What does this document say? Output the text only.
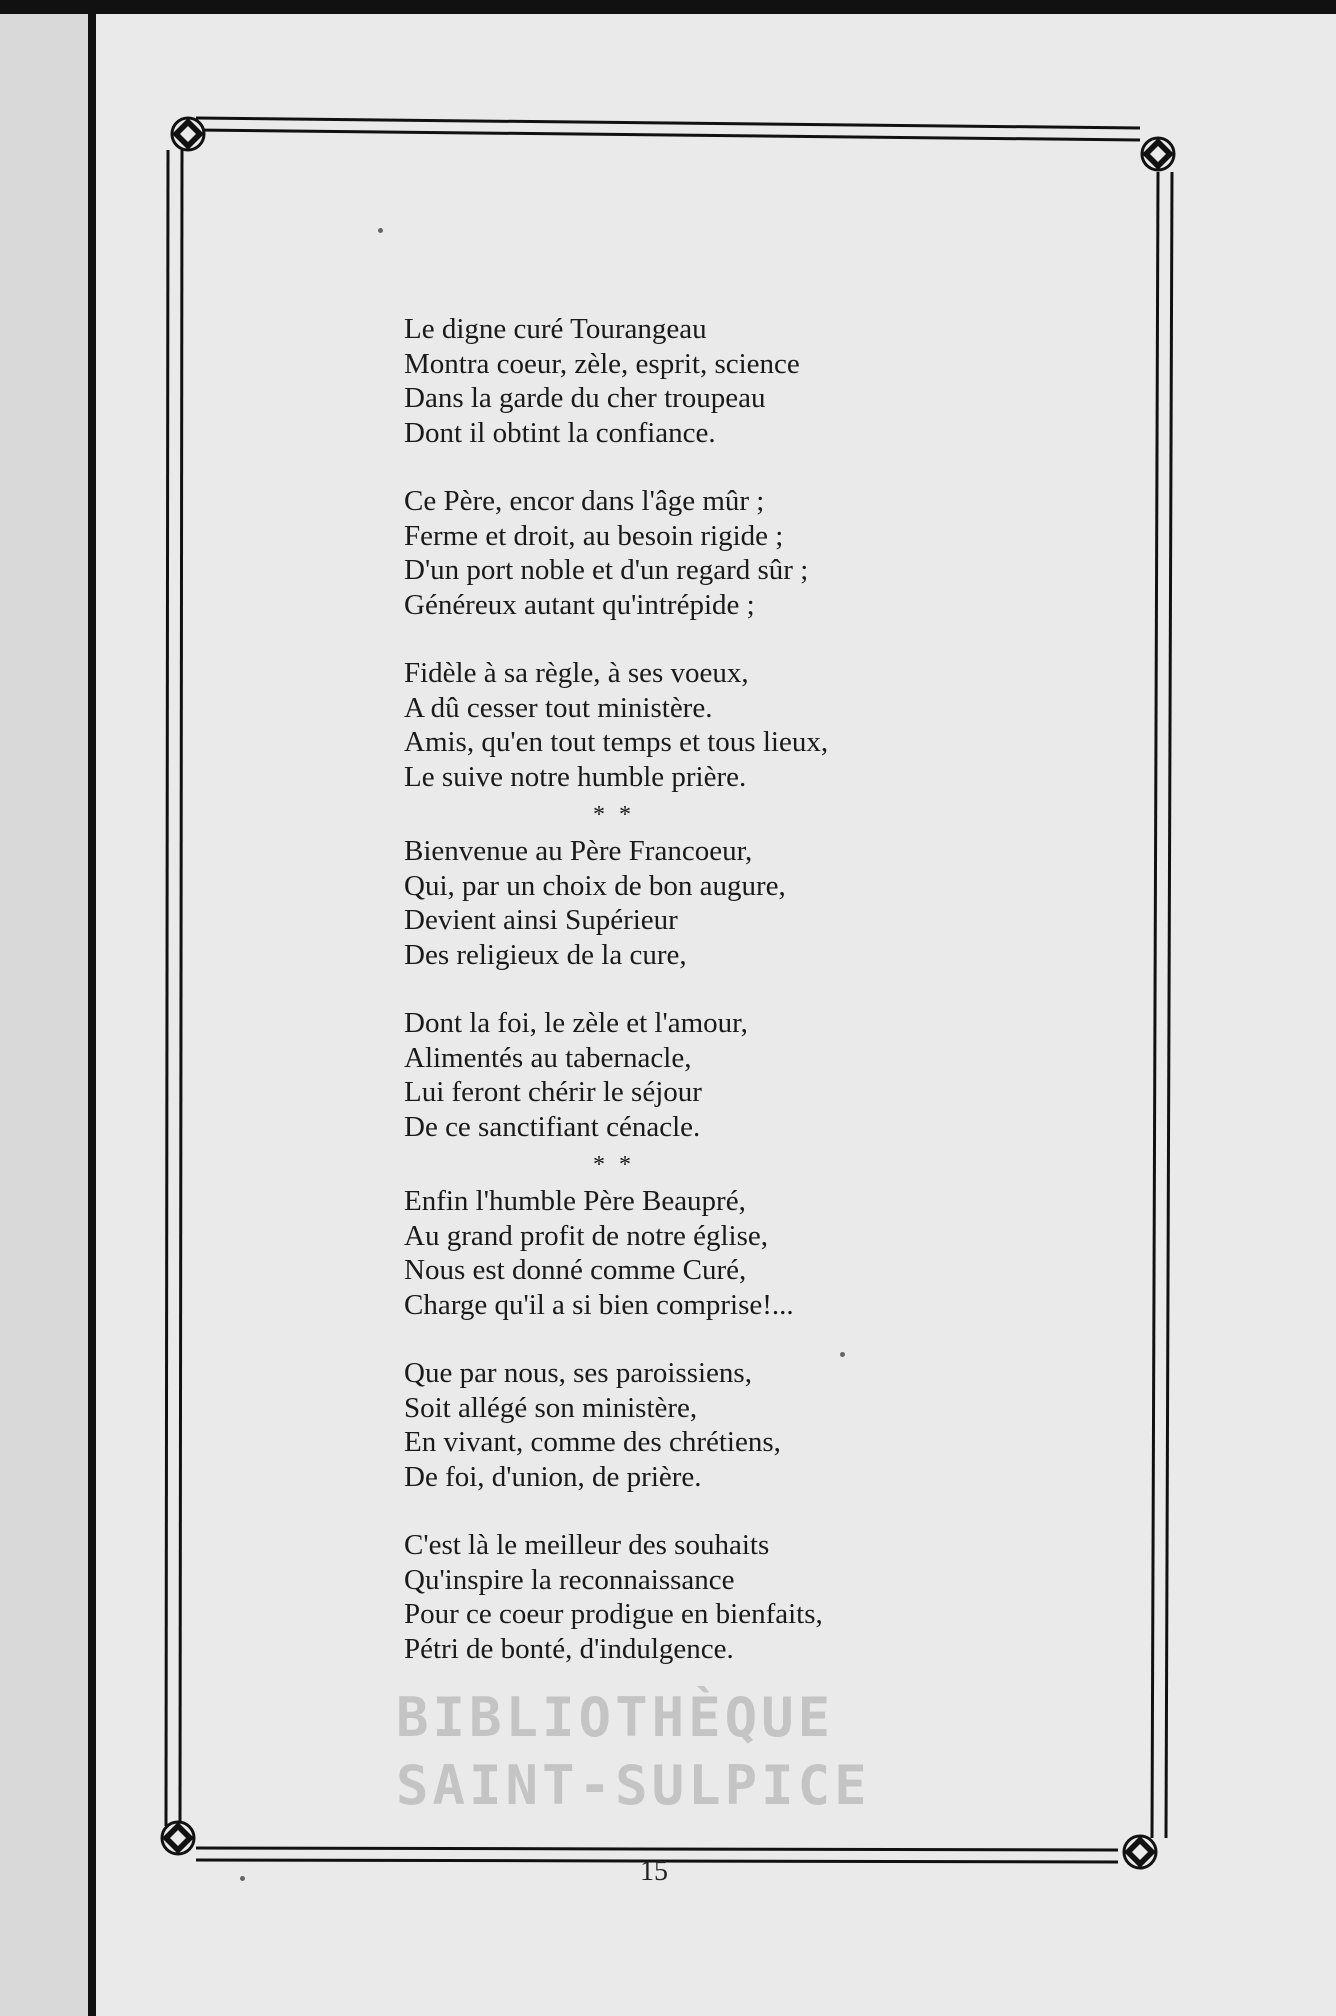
Le digne curé Tourangeau
Montra coeur, zèle, esprit, science
Dans la garde du cher troupeau
Dont il obtint la confiance.
Ce Père, encor dans l'âge mûr ;
Ferme et droit, au besoin rigide ;
D'un port noble et d'un regard sûr ;
Généreux autant qu'intrépide ;
Fidèle à sa règle, à ses voeux,
A dû cesser tout ministère.
Amis, qu'en tout temps et tous lieux,
Le suive notre humble prière.
* *
Bienvenue au Père Francoeur,
Qui, par un choix de bon augure,
Devient ainsi Supérieur
Des religieux de la cure,
Dont la foi, le zèle et l'amour,
Alimentés au tabernacle,
Lui feront chérir le séjour
De ce sanctifiant cénacle.
* *
Enfin l'humble Père Beaupré,
Au grand profit de notre église,
Nous est donné comme Curé,
Charge qu'il a si bien comprise!...
Que par nous, ses paroissiens,
Soit allégé son ministère,
En vivant, comme des chrétiens,
De foi, d'union, de prière.
C'est là le meilleur des souhaits
Qu'inspire la reconnaissance
Pour ce coeur prodigue en bienfaits,
Pétri de bonté, d'indulgence.
BIBLIOTHÈQUE
SAINT-SULPICE
15
